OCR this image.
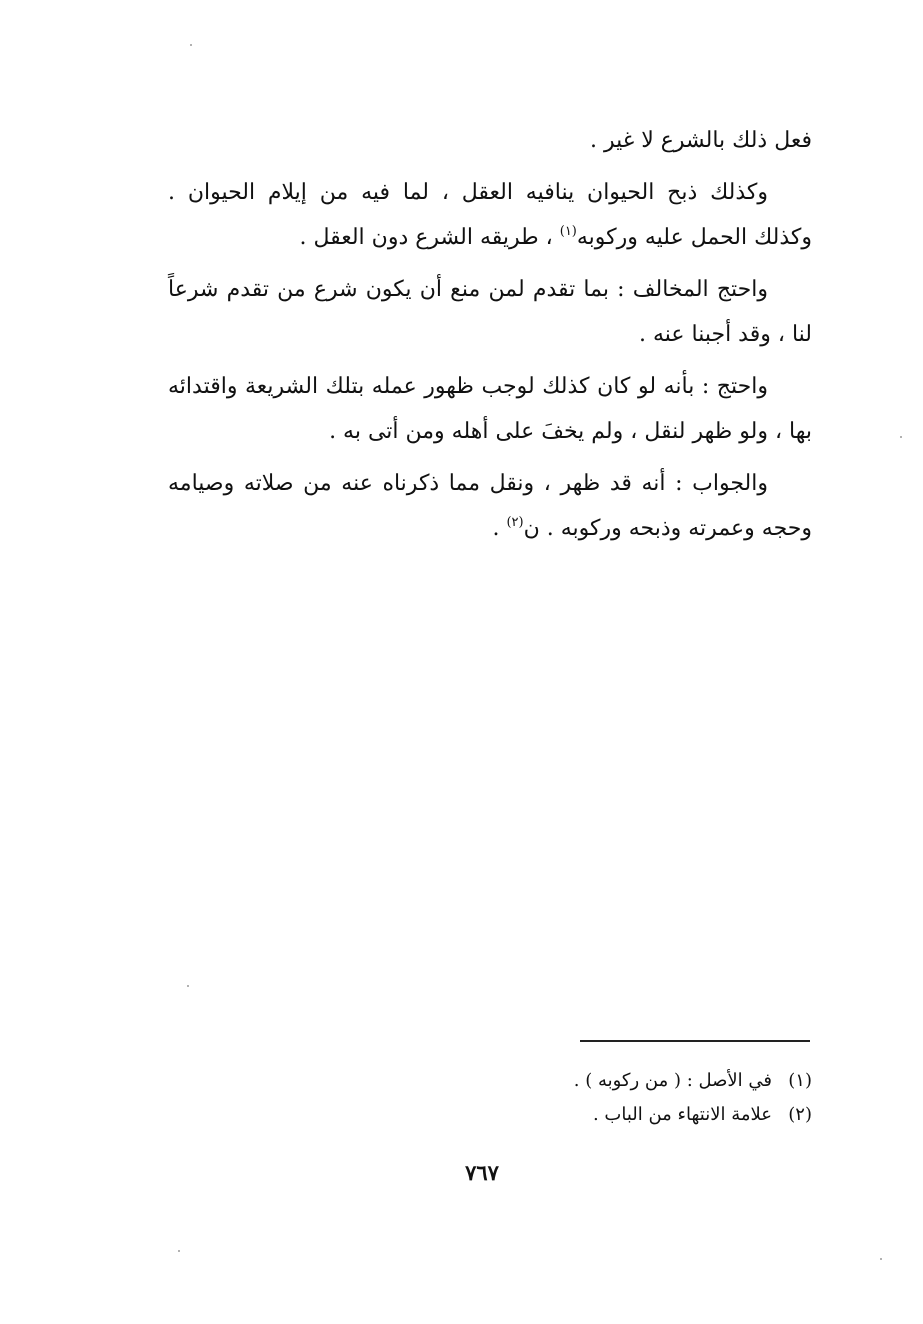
فعل ذلك بالشرع لا غير .

وكذلك ذبح الحيوان ينافيه العقل ، لما فيه من إيلام الحيوان . وكذلك الحمل عليه وركوبه$^{(١)}$ ، طريقه الشرع دون العقل .

واحتج المخالف : بما تقدم لمن منع أن يكون شرع من تقدم شرعاً لنا ، وقد أجبنا عنه .

واحتج : بأنه لو كان كذلك لوجب ظهور عمله بتلك الشريعة واقتدائه بها ، ولو ظهر لنقل ، ولم يخفَ على أهله ومن أتى به .

والجواب : أنه قد ظهر ، ونقل مما ذكرناه عنه من صلاته وصيامه وحجه وعمرته وذبحه وركوبه . ن$^{(٢)}$ .

(١)
في الأصل : ( من ركوبه ) .
(٢)
علامة الانتهاء من الباب .
٧٦٧
